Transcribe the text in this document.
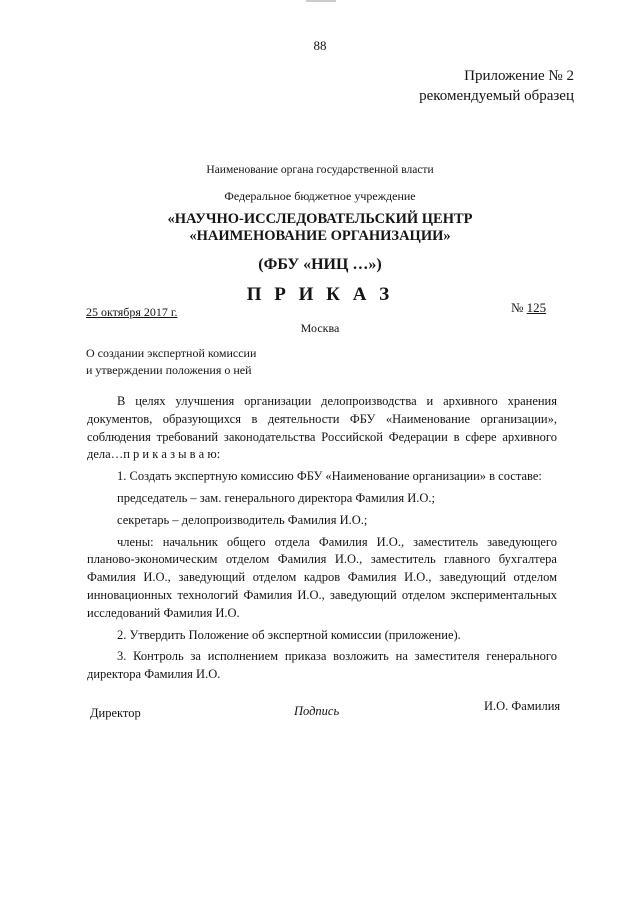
88
Приложение № 2
рекомендуемый образец
Наименование органа государственной власти
Федеральное бюджетное учреждение
«НАУЧНО-ИССЛЕДОВАТЕЛЬСКИЙ ЦЕНТР
«НАИМЕНОВАНИЕ ОРГАНИЗАЦИИ»
(ФБУ «НИЦ …»)
П Р И К А З
25 октября 2017 г.	№ 125
Москва
О создании экспертной комиссии
и утверждении положения о ней

В целях улучшения организации делопроизводства и архивного хранения документов, образующихся в деятельности ФБУ «Наименование организации», соблюдения требований законодательства Российской Федерации в сфере архивного дела…п р и к а з ы в а ю:

1. Создать экспертную комиссию ФБУ «Наименование организации» в составе:

председатель – зам. генерального директора Фамилия И.О.;

секретарь – делопроизводитель Фамилия И.О.;

члены: начальник общего отдела Фамилия И.О., заместитель заведующего планово-экономическим отделом Фамилия И.О., заместитель главного бухгалтера Фамилия И.О., заведующий отделом кадров Фамилия И.О., заведующий отделом инновационных технологий Фамилия И.О., заведующий отделом экспериментальных исследований Фамилия И.О.

2. Утвердить Положение об экспертной комиссии (приложение).

3. Контроль за исполнением приказа возложить на заместителя генерального директора Фамилия И.О.

Директор	Подпись	И.О. Фамилия
